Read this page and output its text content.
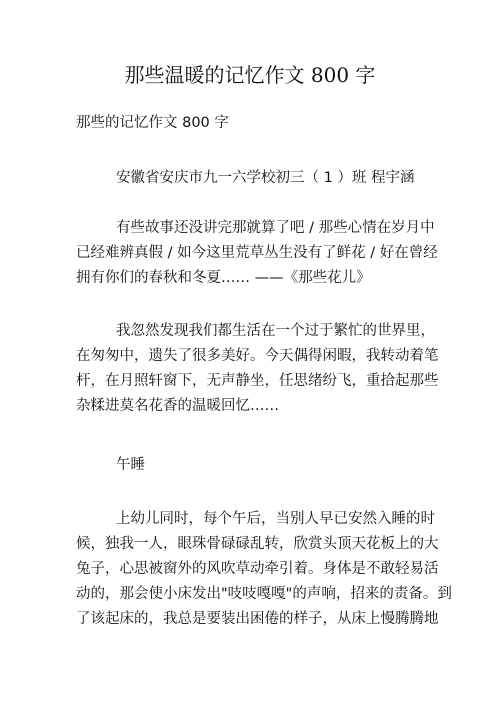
那些温暖的记忆作文 800 字

那些的记忆作文 800 字

安徽省安庆市九一六学校初三（ 1 ）班 程宇涵

有些故事还没讲完那就算了吧 / 那些心情在岁月中
已经难辨真假 / 如今这里荒草丛生没有了鲜花 / 好在曾经
拥有你们的春秋和冬夏…… ——《那些花儿》

我忽然发现我们都生活在一个过于繁忙的世界里，
在匆匆中，遗失了很多美好。今天偶得闲暇，我转动着笔
杆，在月照轩窗下，无声静坐，任思绪纷飞，重拾起那些
杂糅进莫名花香的温暖回忆……

午睡

上幼儿同时，每个午后，当别人早已安然入睡的时
候，独我一人，眼珠骨碌碌乱转，欣赏头顶天花板上的大
兔子，心思被窗外的风吹草动牵引着。身体是不敢轻易活
动的，那会使小床发出"吱吱嘎嘎"的声响，招来的责备。到
了该起床的，我总是要装出困倦的样子，从床上慢腾腾地
